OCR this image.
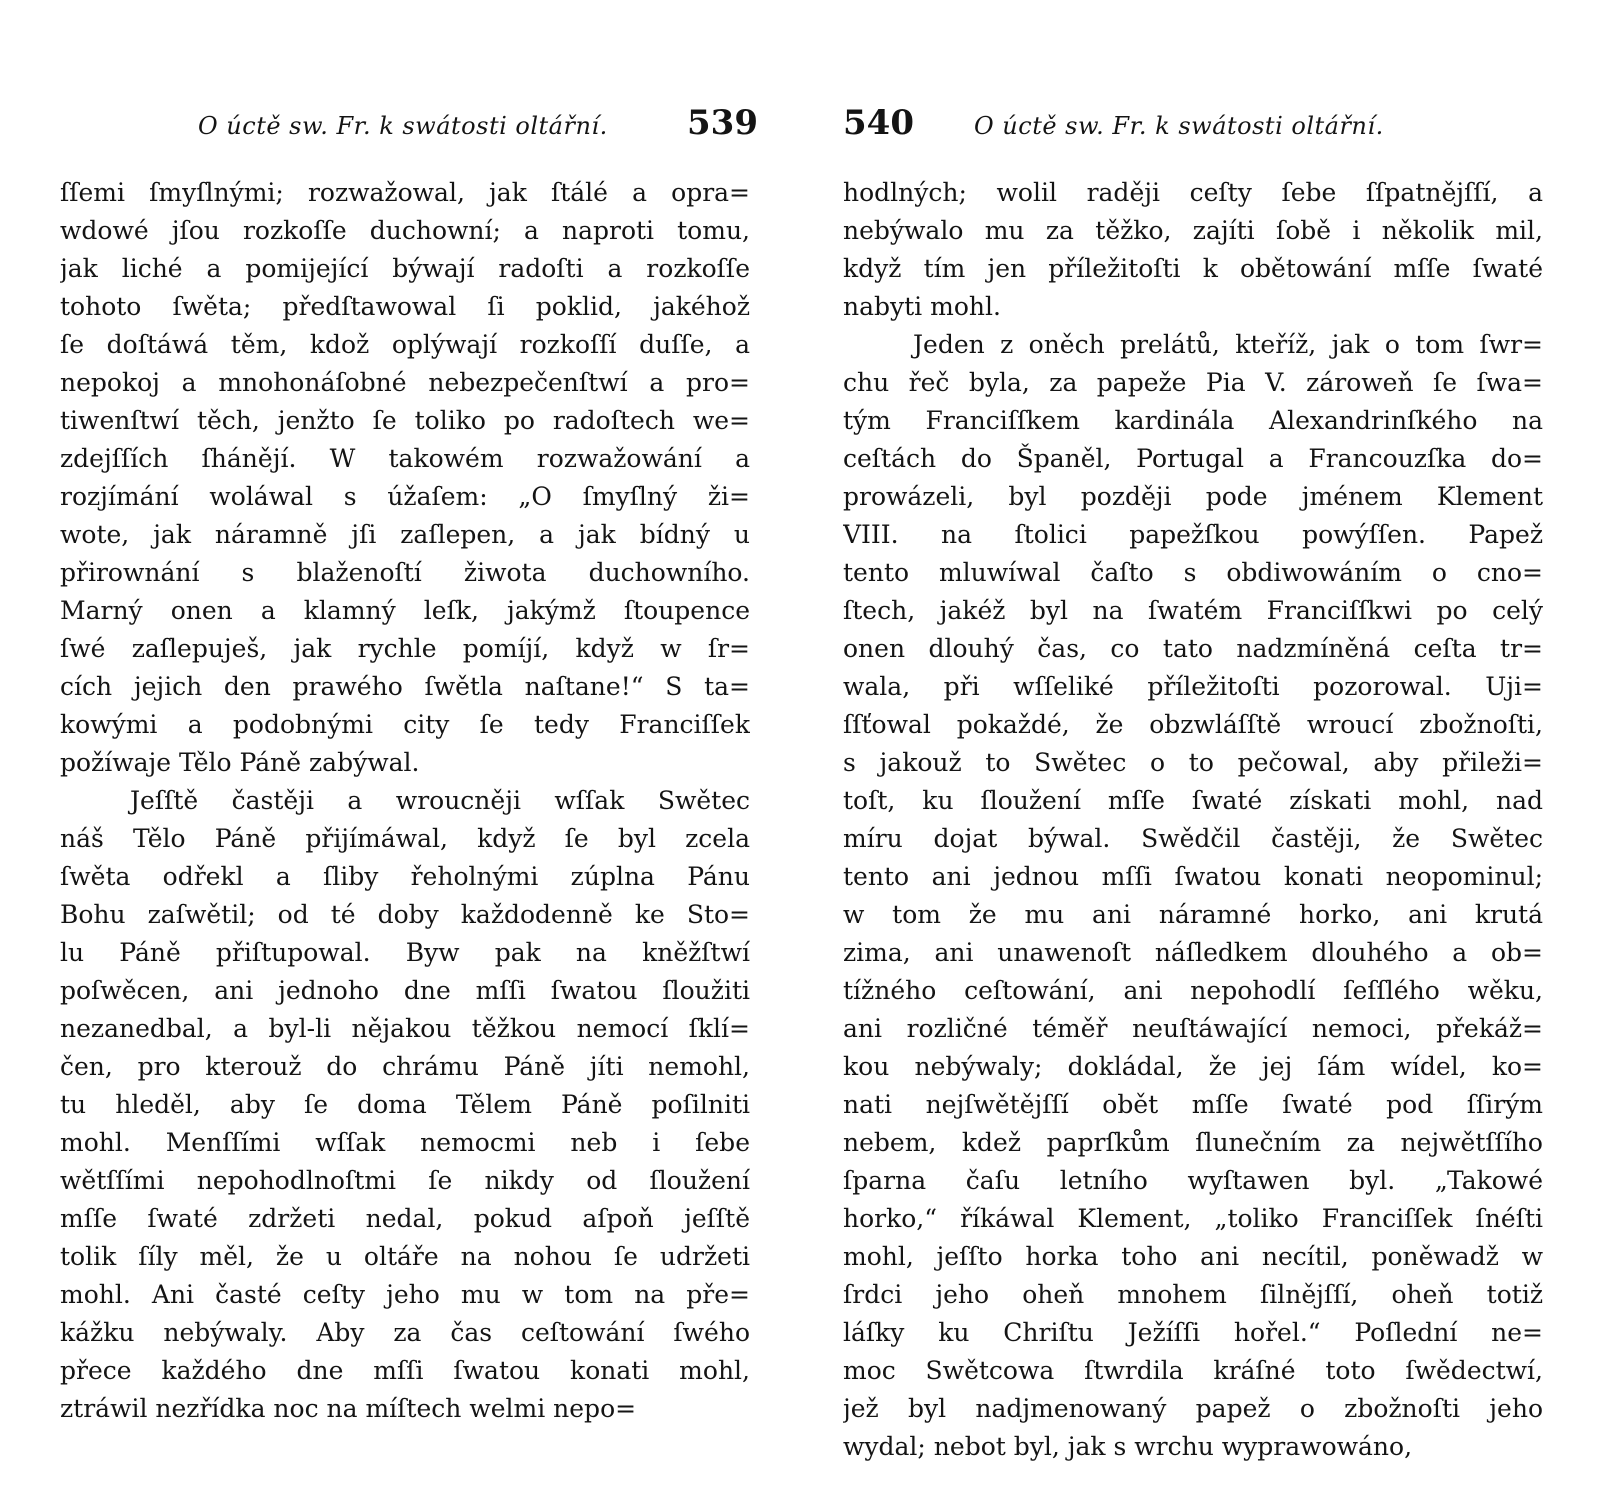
O úctě sw. Fr. k swátosti oltářní. 539
ſſemi ſmyſlnými; rozwažowal, jak ſtálé a opra=
wdowé jſou rozkoſſe duchowní; a naproti tomu,
jak liché a pomijející býwají radoſti a rozkoſſe
tohoto ſwěta; předſtawowal ſi poklid, jakéhož
ſe doſtáwá těm, kdož oplýwají rozkoſſí duſſe, a
nepokoj a mnohonáſobné nebezpečenſtwí a pro=
tiwenſtwí těch, jenžto ſe toliko po radoſtech we=
zdejſſích ſhánějí. W takowém rozwažowání a
rozjímání woláwal s úžaſem: „O ſmyſlný ži=
wote, jak náramně jſi zaſlepen, a jak bídný u
přirownání s blaženoſtí žiwota duchowního.
Marný onen a klamný leſk, jakýmž ſtoupence
ſwé zaſlepuješ, jak rychle pomíjí, když w ſr=
cích jejich den prawého ſwětla naſtane!“ S ta=
kowými a podobnými city ſe tedy Franciſſek
požíwaje Tělo Páně zabýwal.
Jeſſtě častěji a wroucněji wſſak Swětec
náš Tělo Páně přijímáwal, když ſe byl zcela
ſwěta odřekl a ſliby řeholnými zúplna Pánu
Bohu zaſwětil; od té doby každodenně ke Sto=
lu Páně přiſtupowal. Byw pak na kněžſtwí
poſwěcen, ani jednoho dne mſſi ſwatou ſloužiti
nezanedbal, a byl-li nějakou těžkou nemocí ſklí=
čen, pro kterouž do chrámu Páně jíti nemohl,
tu hleděl, aby ſe doma Tělem Páně poſilniti
mohl. Menſſími wſſak nemocmi neb i ſebe
wětſſími nepohodlnoſtmi ſe nikdy od ſloužení
mſſe ſwaté zdržeti nedal, pokud aſpoň jeſſtě
tolik ſíly měl, že u oltáře na nohou ſe udržeti
mohl. Ani časté ceſty jeho mu w tom na pře=
kážku nebýwaly. Aby za čas ceſtowání ſwého
přece každého dne mſſi ſwatou konati mohl,
ztráwil nezřídka noc na míſtech welmi nepo=
540	O úctě sw. Fr. k swátosti oltářní.
hodlných; wolil raději ceſty ſebe ſſpatnějſſí, a
nebýwalo mu za těžko, zajíti ſobě i několik mil,
když tím jen příležitoſti k obětowání mſſe ſwaté
nabyti mohl.
Jeden z oněch prelátů, kteříž, jak o tom ſwr=
chu řeč byla, za papeže Pia V. zároweň ſe ſwa=
tým Franciſſkem kardinála Alexandrinſkého na
ceſtách do Španěl, Portugal a Francouzſka do=
prowázeli, byl později pode jménem Klement
VIII. na ſtolici papežſkou powýſſen. Papež
tento mluwíwal čaſto s obdiwowáním o cno=
ſtech, jakéž byl na ſwatém Franciſſkwi po celý
onen dlouhý čas, co tato nadzmíněná ceſta tr=
wala, při wſſeliké příležitoſti pozorowal. Uji=
ſſťowal pokaždé, že obzwláſſtě wroucí zbožnoſti,
s jakouž to Swětec o to pečowal, aby přileži=
toſt, ku ſloužení mſſe ſwaté získati mohl, nad
míru dojat býwal. Swědčil častěji, že Swětec
tento ani jednou mſſi ſwatou konati neopominul;
w tom že mu ani náramné horko, ani krutá
zima, ani unawenoſt náſledkem dlouhého a ob=
tížného ceſtowání, ani nepohodlí ſeſſlého wěku,
ani rozličné téměř neuſtáwající nemoci, překáž=
kou nebýwaly; dokládal, že jej ſám wídel, ko=
nati nejſwětějſſí obět mſſe ſwaté pod ſſirým
nebem, kdež paprſkům ſlunečním za nejwětſſího
ſparna čaſu letního wyſtawen byl. „Takowé
horko,“ říkáwal Klement, „toliko Franciſſek ſnéſti
mohl, jeſſto horka toho ani necítil, poněwadž w
ſrdci jeho oheň mnohem ſilnějſſí, oheň totiž
láſky ku Chriſtu Ježíſſi hořel.“ Poſlední ne=
moc Swětcowa ſtwrdila kráſné toto ſwědectwí,
jež byl nadjmenowaný papež o zbožnoſti jeho
wydal; nebot byl, jak s wrchu wyprawowáno,
